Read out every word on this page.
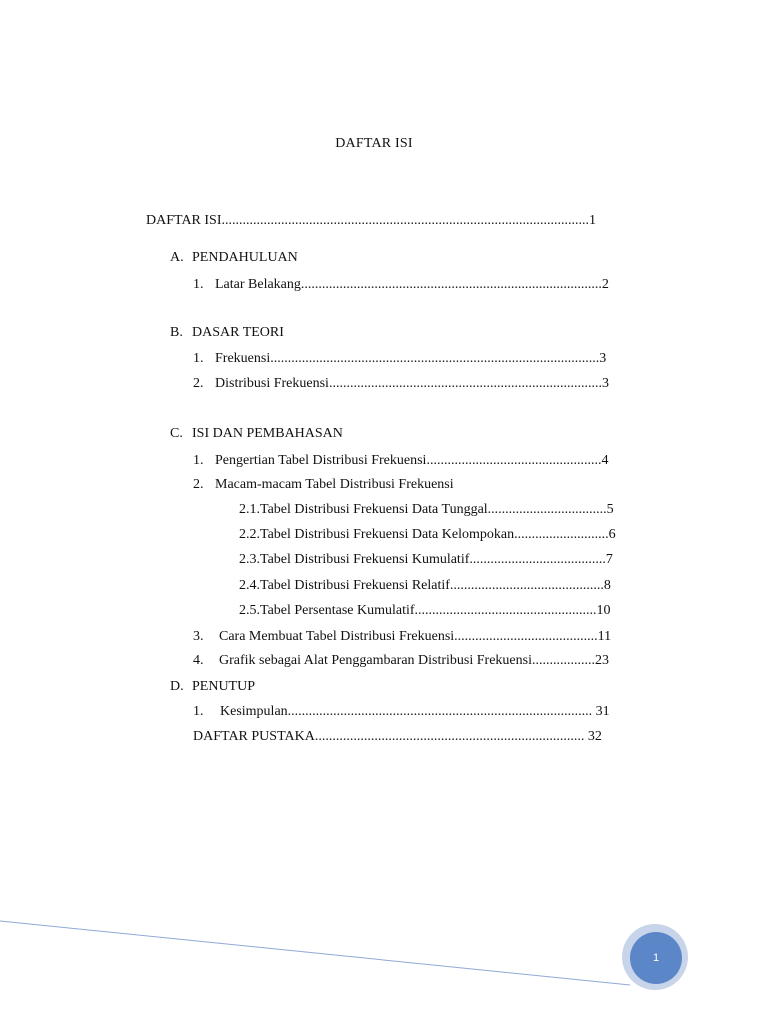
DAFTAR ISI
DAFTAR ISI.........................................................................................................1
A. PENDAHULUAN
1. Latar Belakang......................................................................................2
B. DASAR TEORI
1. Frekuensi..............................................................................................3
2. Distribusi Frekuensi..............................................................................3
C. ISI DAN PEMBAHASAN
1. Pengertian Tabel Distribusi Frekuensi..................................................4
2. Macam-macam Tabel Distribusi Frekuensi
2.1.Tabel Distribusi Frekuensi Data Tunggal..................................5
2.2.Tabel Distribusi Frekuensi Data Kelompokan...........................6
2.3.Tabel Distribusi Frekuensi Kumulatif.......................................7
2.4.Tabel Distribusi Frekuensi Relatif............................................8
2.5.Tabel Persentase Kumulatif....................................................10
3. Cara Membuat Tabel Distribusi Frekuensi.........................................11
4. Grafik sebagai Alat Penggambaran Distribusi Frekuensi..................23
D. PENUTUP
1. Kesimpulan....................................................................................... 31
DAFTAR PUSTAKA............................................................................. 32
1
